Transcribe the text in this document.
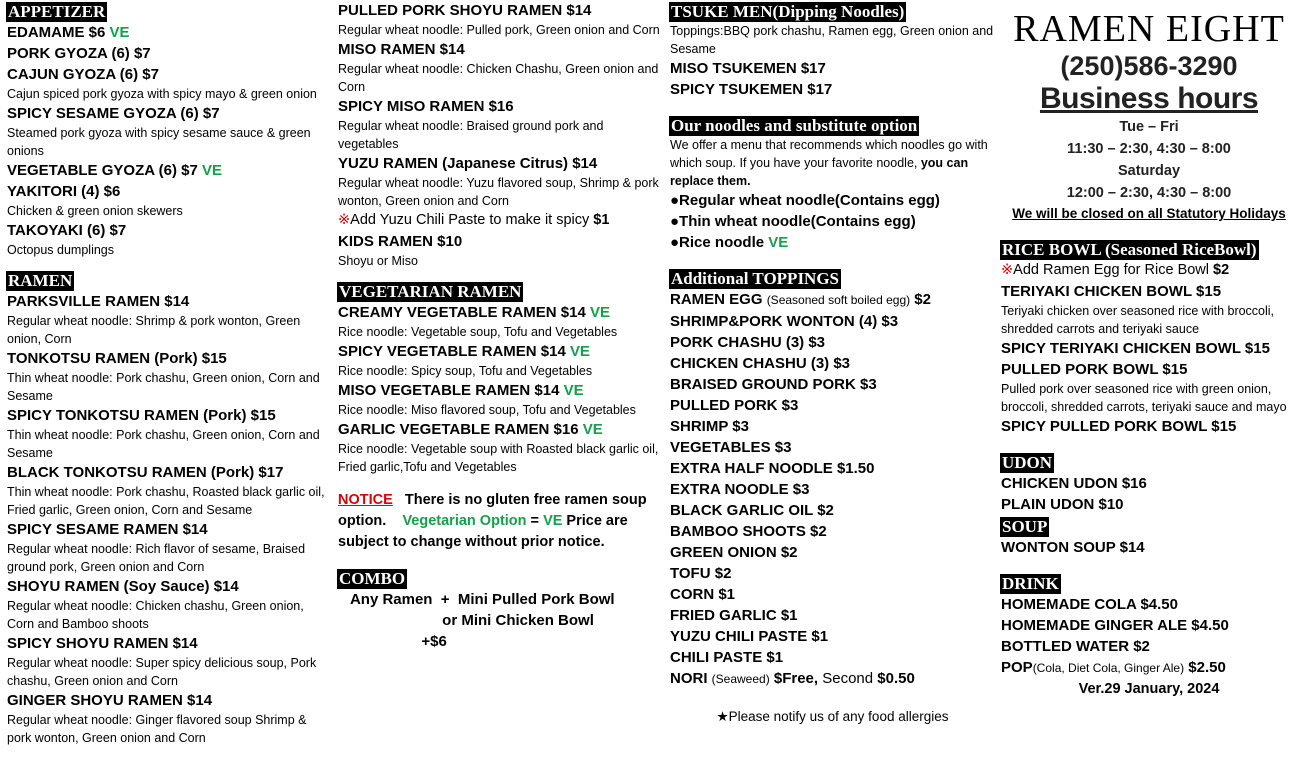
APPETIZER
EDAMAME $6 VE
PORK GYOZA (6) $7
CAJUN GYOZA (6) $7
Cajun spiced pork gyoza with spicy mayo & green onion
SPICY SESAME GYOZA (6) $7
Steamed pork gyoza with spicy sesame sauce & green onions
VEGETABLE GYOZA (6) $7 VE
YAKITORI (4) $6
Chicken & green onion skewers
TAKOYAKI (6) $7
Octopus dumplings
RAMEN
PARKSVILLE RAMEN $14
Regular wheat noodle: Shrimp & pork wonton, Green onion, Corn
TONKOTSU RAMEN (Pork) $15
Thin wheat noodle: Pork chashu, Green onion, Corn and Sesame
SPICY TONKOTSU RAMEN (Pork) $15
Thin wheat noodle: Pork chashu, Green onion, Corn and Sesame
BLACK TONKOTSU RAMEN (Pork) $17
Thin wheat noodle: Pork chashu, Roasted black garlic oil, Fried garlic, Green onion, Corn and Sesame
SPICY SESAME RAMEN $14
Regular wheat noodle: Rich flavor of sesame, Braised ground pork, Green onion and Corn
SHOYU RAMEN (Soy Sauce) $14
Regular wheat noodle: Chicken chashu, Green onion, Corn and Bamboo shoots
SPICY SHOYU RAMEN $14
Regular wheat noodle: Super spicy delicious soup, Pork chashu, Green onion and Corn
GINGER SHOYU RAMEN $14
Regular wheat noodle: Ginger flavored soup Shrimp & pork wonton, Green onion and Corn
PULLED PORK SHOYU RAMEN $14
Regular wheat noodle: Pulled pork, Green onion and Corn
MISO RAMEN $14
Regular wheat noodle: Chicken Chashu, Green onion and Corn
SPICY MISO RAMEN $16
Regular wheat noodle: Braised ground pork and vegetables
YUZU RAMEN (Japanese Citrus) $14
Regular wheat noodle: Yuzu flavored soup, Shrimp & pork wonton, Green onion and Corn
※Add Yuzu Chili Paste to make it spicy $1
KIDS RAMEN $10
Shoyu or Miso
VEGETARIAN RAMEN
CREAMY VEGETABLE RAMEN $14 VE
Rice noodle: Vegetable soup, Tofu and Vegetables
SPICY VEGETABLE RAMEN $14 VE
Rice noodle: Spicy soup, Tofu and Vegetables
MISO VEGETABLE RAMEN $14 VE
Rice noodle: Miso flavored soup, Tofu and Vegetables
GARLIC VEGETABLE RAMEN $16 VE
Rice noodle: Vegetable soup with Roasted black garlic oil, Fried garlic,Tofu and Vegetables
NOTICE   There is no gluten free ramen soup option.    Vegetarian Option = VE Price are subject to change without prior notice.
COMBO
Any Ramen  +  Mini Pulled Pork Bowl
or Mini Chicken Bowl
+$6
TSUKE MEN(Dipping Noodles)
Toppings:BBQ pork chashu, Ramen egg, Green onion and Sesame
MISO TSUKEMEN $17
SPICY TSUKEMEN $17
Our noodles and substitute option
We offer a menu that recommends which noodles go with which soup. If you have your favorite noodle, you can replace them.
●Regular wheat noodle(Contains egg)
●Thin wheat noodle(Contains egg)
●Rice noodle VE
Additional TOPPINGS
RAMEN EGG (Seasoned soft boiled egg) $2
SHRIMP&PORK WONTON (4) $3
PORK CHASHU (3) $3
CHICKEN CHASHU (3) $3
BRAISED GROUND PORK $3
PULLED PORK $3
SHRIMP $3
VEGETABLES $3
EXTRA HALF NOODLE $1.50
EXTRA NOODLE $3
BLACK GARLIC OIL $2
BAMBOO SHOOTS $2
GREEN ONION $2
TOFU $2
CORN $1
FRIED GARLIC $1
YUZU CHILI PASTE $1
CHILI PASTE $1
NORI (Seaweed) $Free, Second $0.50
★Please notify us of any food allergies
RAMEN EIGHT
(250)586-3290
Business hours
Tue – Fri
11:30 – 2:30, 4:30 – 8:00
Saturday
12:00 – 2:30, 4:30 – 8:00
We will be closed on all Statutory Holidays
RICE BOWL (Seasoned RiceBowl)
※Add Ramen Egg for Rice Bowl $2
TERIYAKI CHICKEN BOWL $15
Teriyaki chicken over seasoned rice with broccoli, shredded carrots and teriyaki sauce
SPICY TERIYAKI CHICKEN BOWL $15
PULLED PORK BOWL $15
Pulled pork over seasoned rice with green onion, broccoli, shredded carrots, teriyaki sauce and mayo
SPICY PULLED PORK BOWL $15
UDON
CHICKEN UDON $16
PLAIN UDON $10
SOUP
WONTON SOUP $14
DRINK
HOMEMADE COLA $4.50
HOMEMADE GINGER ALE $4.50
BOTTLED WATER $2
POP(Cola, Diet Cola, Ginger Ale) $2.50
Ver.29 January, 2024
